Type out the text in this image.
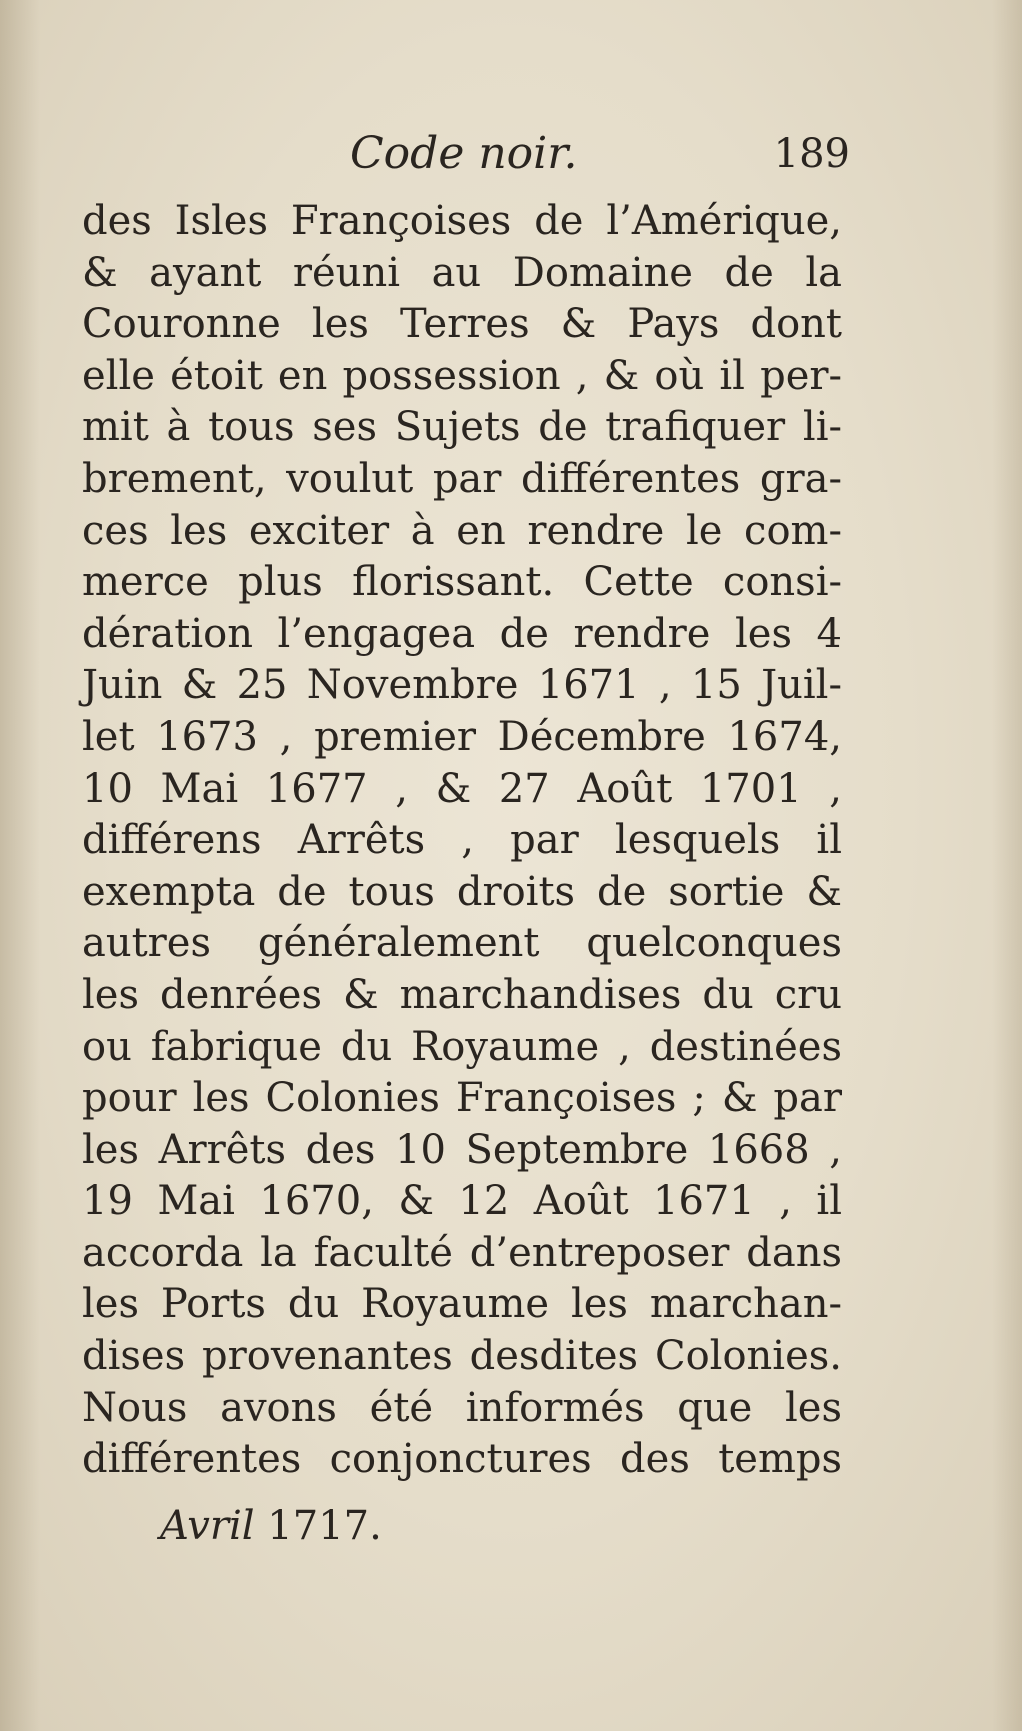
Code noir.	189
des Isles Françoises de l’Amérique,
& ayant réuni au Domaine de la
Couronne les Terres & Pays dont
elle étoit en possession , & où il per-
mit à tous ses Sujets de trafiquer li-
brement, voulut par différentes gra-
ces les exciter à en rendre le com-
merce plus florissant. Cette consi-
dération l’engagea de rendre les 4
Juin & 25 Novembre 1671 , 15 Juil-
let 1673 , premier Décembre 1674,
10 Mai 1677 , & 27 Août 1701 ,
différens Arrêts , par lesquels il
exempta de tous droits de sortie &
autres généralement quelconques
les denrées & marchandises du cru
ou fabrique du Royaume , destinées
pour les Colonies Françoises ; & par
les Arrêts des 10 Septembre 1668 ,
19 Mai 1670, & 12 Août 1671 , il
accorda la faculté d’entreposer dans
les Ports du Royaume les marchan-
dises provenantes desdites Colonies.
Nous avons été informés que les
différentes conjonctures des temps
Avril 1717.
